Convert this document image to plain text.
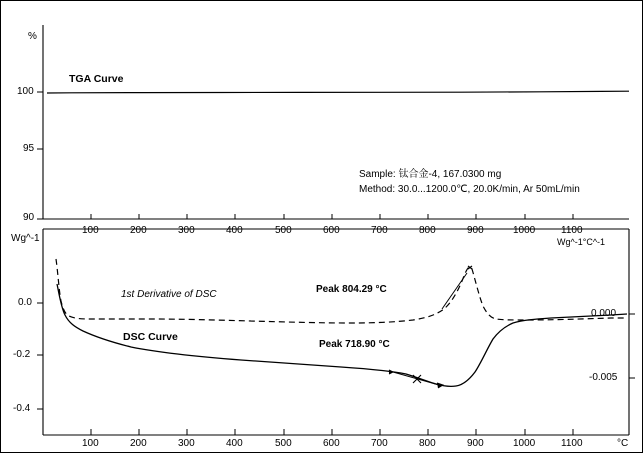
%
100
95
90
Wg^-1	Wg^-1°C^-1
0.0
-0.2
-0.4
0.000
-0.005
100	200	300	400	500	600	700	800	900	1000	1100
100	200	300	400	500	600	700	800	900	1000	1100	°C
TGA Curve
DSC Curve
1st Derivative of DSC
Peak 718.90 °C
Peak 804.29 °C
Sample: 钛合金-4, 167.0300 mg
Method: 30.0...1200.0℃, 20.0K/min, Ar 50mL/min
